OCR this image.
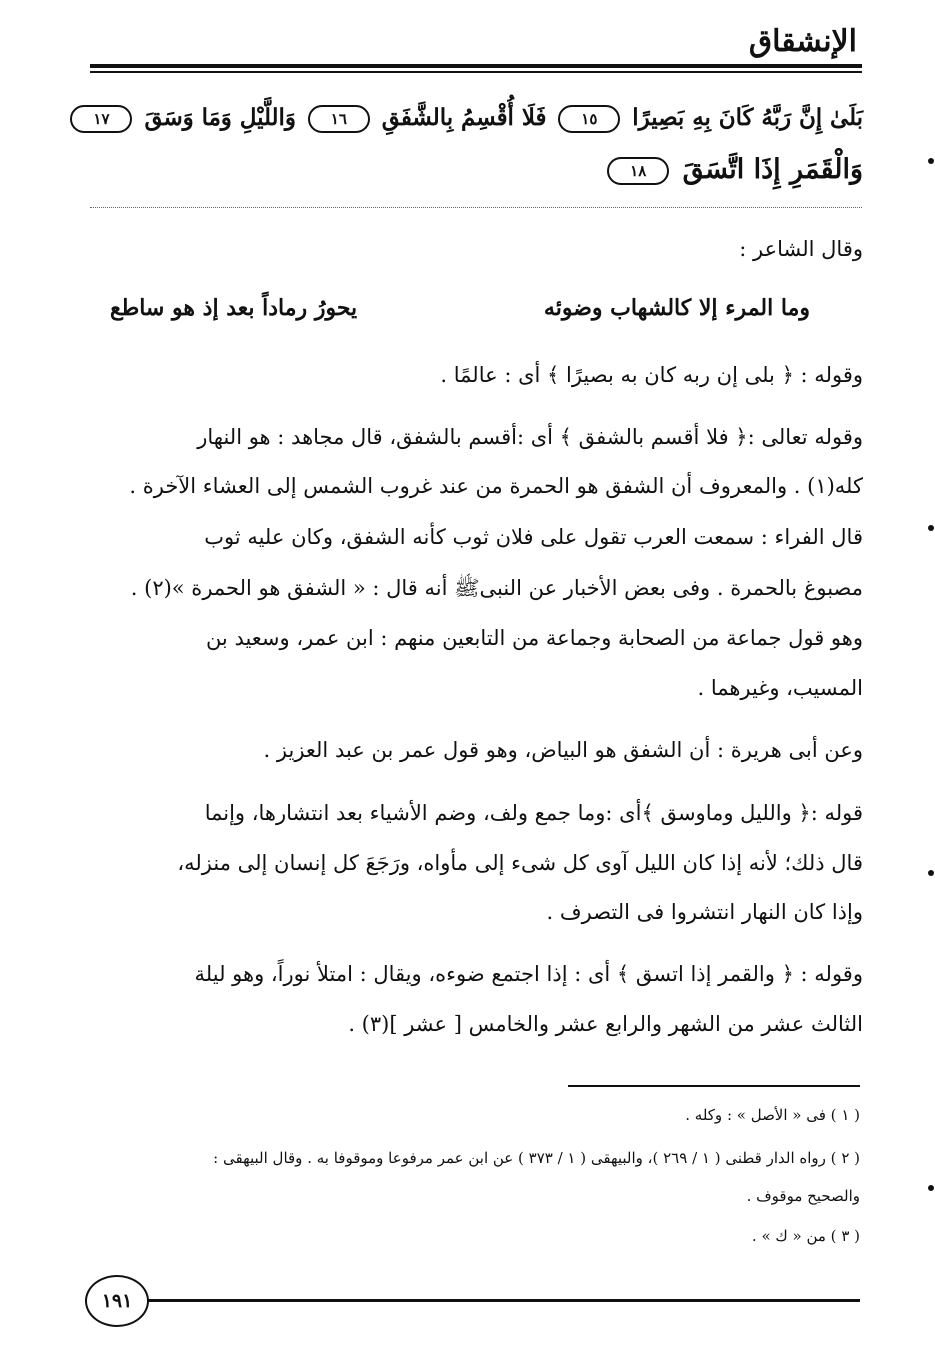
الإنشقاق
بَلَىٰ إِنَّ رَبَّهُ كَانَ بِهِ بَصِيرًا ١٥ فَلَا أُقْسِمُ بِالشَّفَقِ ١٦ وَاللَّيْلِ وَمَا وَسَقَ ١٧
وَالْقَمَرِ إِذَا اتَّسَقَ ١٨
وقال الشاعر :
وما المرء إلا كالشهاب وضوئه
يحورُ رماداً بعد إذ هو ساطع
وقوله : ﴿ بلى إن ربه كان به بصيرًا ﴾ أى : عالمًا .
وقوله تعالى :﴿ فلا أقسم بالشفق ﴾ أى :أقسم بالشفق، قال مجاهد : هو النهار
كله(١) . والمعروف أن الشفق هو الحمرة من عند غروب الشمس إلى العشاء الآخرة .
قال الفراء : سمعت العرب تقول على فلان ثوب كأنه الشفق، وكان عليه ثوب
مصبوغ بالحمرة . وفى بعض الأخبار عن النبىﷺ أنه قال : « الشفق هو الحمرة »(٢) .
وهو قول جماعة من الصحابة وجماعة من التابعين منهم : ابن عمر، وسعيد بن
المسيب، وغيرهما .
وعن أبى هريرة : أن الشفق هو البياض، وهو قول عمر بن عبد العزيز .
قوله :﴿ والليل وماوسق ﴾أى :وما جمع ولف، وضم الأشياء بعد انتشارها، وإنما
قال ذلك؛ لأنه إذا كان الليل آوى كل شىء إلى مأواه، ورَجَعَ كل إنسان إلى منزله،
وإذا كان النهار انتشروا فى التصرف .
وقوله : ﴿ والقمر إذا اتسق ﴾ أى : إذا اجتمع ضوءه، ويقال : امتلأ نوراً، وهو ليلة
الثالث عشر من الشهر والرابع عشر والخامس [ عشر ](٣) .
( ١ ) فى « الأصل » : وكله .
( ٢ ) رواه الدار قطنى ( ١ / ٢٦٩ )، والبيهقى ( ١ / ٣٧٣ ) عن ابن عمر مرفوعا وموقوفا به . وقال البيهقى :
والصحيح موقوف .
( ٣ ) من « ك » .
١٩١
